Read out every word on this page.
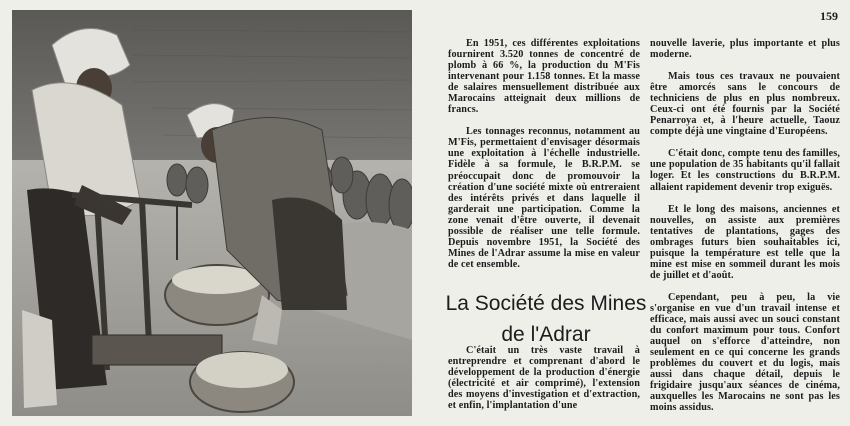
159

En 1951, ces différentes exploitations fournirent 3.520 tonnes de concentré de plomb à 66 %, la production du M'Fis intervenant pour 1.158 tonnes. Et la masse de salaires mensuellement distribuée aux Marocains atteignait deux millions de francs.

Les tonnages reconnus, notamment au M'Fis, permettaient d'envisager désormais une exploitation à l'échelle industrielle. Fidèle à sa formule, le B.R.P.M. se préoccupait donc de promouvoir la création d'une société mixte où entreraient des intérêts privés et dans laquelle il garderait une participation. Comme la zone venait d'être ouverte, il devenait possible de réaliser une telle formule. Depuis novembre 1951, la Société des Mines de l'Adrar assume la mise en valeur de cet ensemble.

La Société des Mines
de l'Adrar

C'était un très vaste travail à entreprendre et comprenant d'abord le développement de la production d'énergie (électricité et air comprimé), l'extension des moyens d'investigation et d'extraction, et enfin, l'implantation d'une

nouvelle laverie, plus importante et plus moderne.

Mais tous ces travaux ne pouvaient être amorcés sans le concours de techniciens de plus en plus nombreux. Ceux-ci ont été fournis par la Société Penarroya et, à l'heure actuelle, Taouz compte déjà une vingtaine d'Européens.

C'était donc, compte tenu des familles, une population de 35 habitants qu'il fallait loger. Et les constructions du B.R.P.M. allaient rapidement devenir trop exiguës.

Et le long des maisons, anciennes et nouvelles, on assiste aux premières tentatives de plantations, gages des ombrages futurs bien souhaitables ici, puisque la température est telle que la mine est mise en sommeil durant les mois de juillet et d'août.

Cependant, peu à peu, la vie s'organise en vue d'un travail intense et efficace, mais aussi avec un souci constant du confort maximum pour tous. Confort auquel on s'efforce d'atteindre, non seulement en ce qui concerne les grands problèmes du couvert et du logis, mais aussi dans chaque détail, depuis le frigidaire jusqu'aux séances de cinéma, auxquelles les Marocains ne sont pas les moins assidus.
